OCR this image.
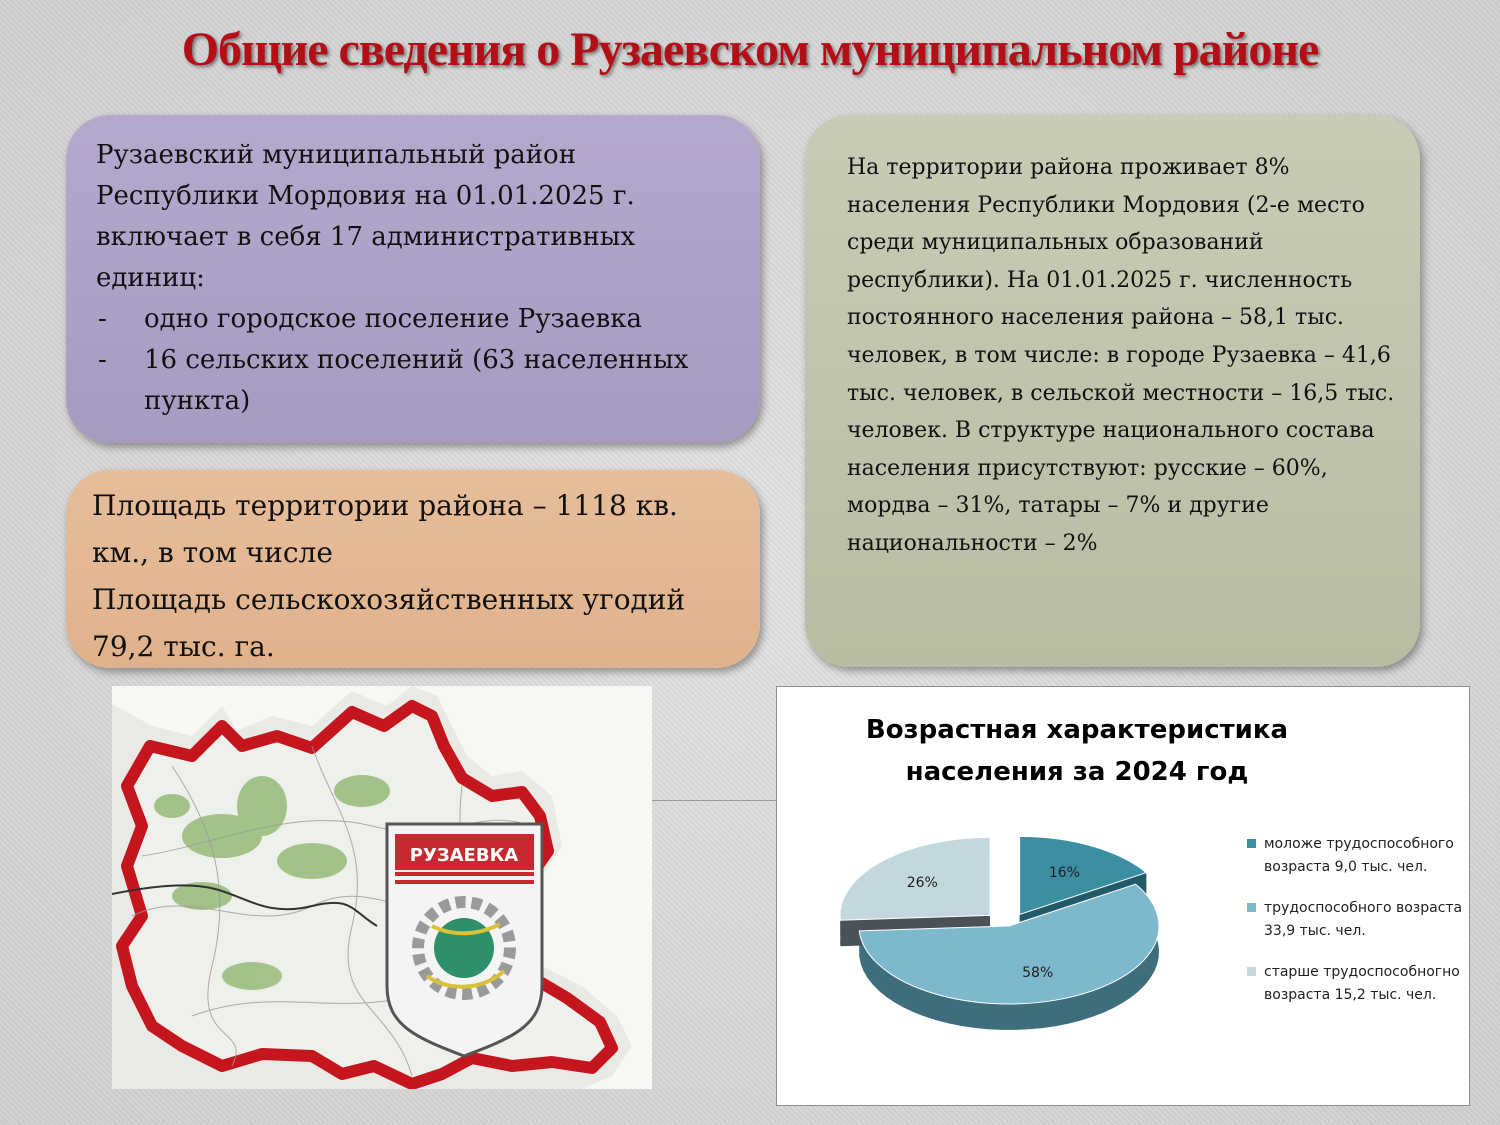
Общие сведения о Рузаевском муниципальном районе
Рузаевский муниципальный район Республики Мордовия на 01.01.2025 г. включает в себя 17 административных единиц:
-	одно городское поселение Рузаевка
-	16 сельских поселений (63 населенных пункта)
Площадь территории района – 1118 кв. км., в том числе
Площадь сельскохозяйственных угодий 79,2 тыс. га.
На территории района проживает 8% населения Республики Мордовия (2-е место среди муниципальных образований республики). На 01.01.2025 г. численность постоянного населения района – 58,1 тыс. человек, в том числе: в городе Рузаевка – 41,6 тыс. человек, в сельской местности – 16,5 тыс. человек. В структуре национального состава населения присутствуют: русские – 60%, мордва – 31%, татары – 7% и другие национальности – 2%
РУЗАЕВКА
Возрастная характеристика населения за 2024 год
16%
58%
26%
моложе трудоспособного возраста 9,0 тыс. чел.
трудоспособного возраста 33,9 тыс. чел.
старше трудоспособногно возраста 15,2 тыс. чел.
